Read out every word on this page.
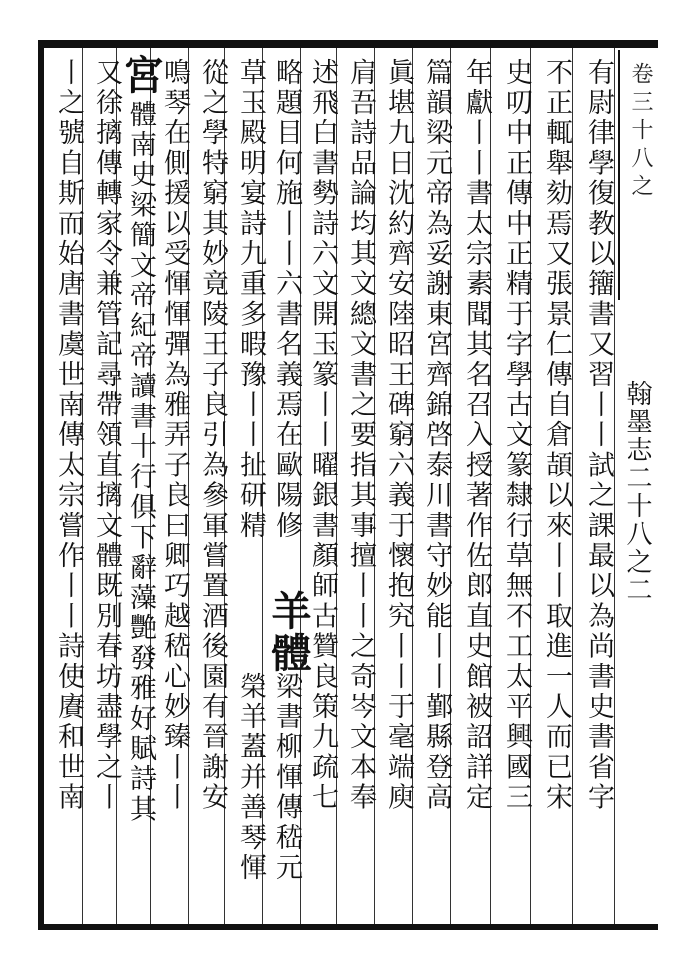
卷三十八之
翰墨志二十八之二
有尉律學復教以籒書又習丨丨試之課最以為尚書史書省字
不正輒舉劾焉又張景仁傳自倉頡以來丨丨取進一人而已宋
史叨中正傳中正精于字學古文篆隸行草無不工太平興國三
年獻丨丨書太宗素聞其名召入授著作佐郎直史館被詔詳定
篇韻梁元帝為妥謝東宮齊錦啓泰川書守妙能丨丨鄞縣登高
眞堪九日沈約齊安陸昭王碑窮六義于懷抱究丨丨于毫端庾
肩吾詩品論均其文總文書之要指其事擅丨丨之奇岑文本奉
述飛白書勢詩六文開玉篆丨丨曜銀書顏師古贊良策九疏七
略題目何施丨丨六書名義焉在歐陽修
羊體
草玉殿明宴詩九重多暇豫丨丨扯研精
榮羊蓋并善琴惲 梁書柳惲傳嵇元
從之學特窮其妙竟陵王子良引為參軍嘗置酒後園有晉謝安
鳴琴在側援以受惲惲彈為雅弄子良曰卿巧越嵇心妙臻丨丨
宮
體南史梁簡文帝紀帝讀書十行俱下辭藻艷發雅好賦詩其
又徐摛傳轉家令兼管記尋帶領直摛文體既別春坊盡學之丨
丨之號自斯而始唐書虞世南傳太宗嘗作丨丨詩使賡和世南
